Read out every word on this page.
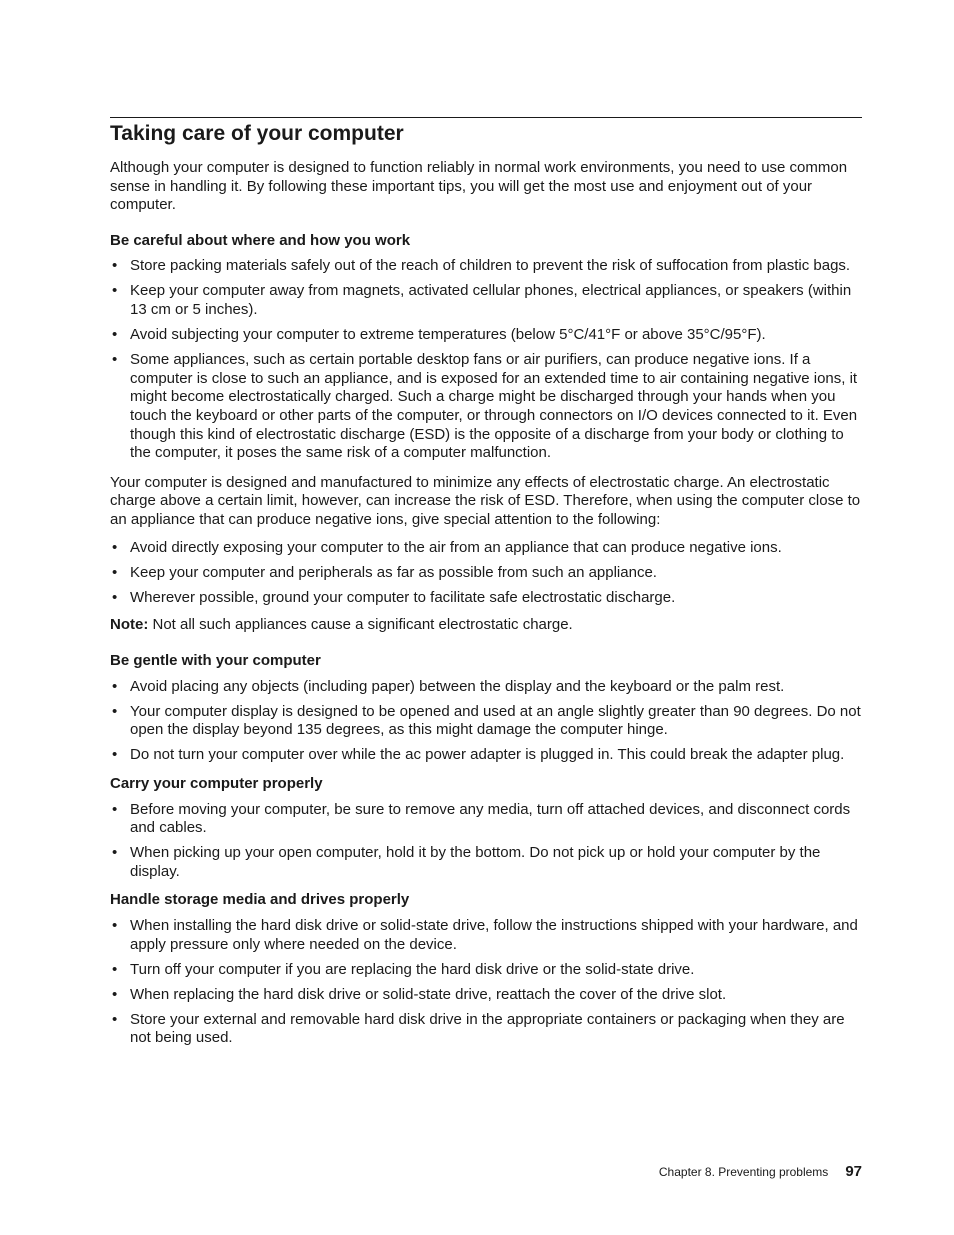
Taking care of your computer

Although your computer is designed to function reliably in normal work environments, you need to use common sense in handling it. By following these important tips, you will get the most use and enjoyment out of your computer.

Be careful about where and how you work
• Store packing materials safely out of the reach of children to prevent the risk of suffocation from plastic bags.
• Keep your computer away from magnets, activated cellular phones, electrical appliances, or speakers (within 13 cm or 5 inches).
• Avoid subjecting your computer to extreme temperatures (below 5°C/41°F or above 35°C/95°F).
• Some appliances, such as certain portable desktop fans or air purifiers, can produce negative ions. If a computer is close to such an appliance, and is exposed for an extended time to air containing negative ions, it might become electrostatically charged. Such a charge might be discharged through your hands when you touch the keyboard or other parts of the computer, or through connectors on I/O devices connected to it. Even though this kind of electrostatic discharge (ESD) is the opposite of a discharge from your body or clothing to the computer, it poses the same risk of a computer malfunction.

Your computer is designed and manufactured to minimize any effects of electrostatic charge. An electrostatic charge above a certain limit, however, can increase the risk of ESD. Therefore, when using the computer close to an appliance that can produce negative ions, give special attention to the following:

• Avoid directly exposing your computer to the air from an appliance that can produce negative ions.
• Keep your computer and peripherals as far as possible from such an appliance.
• Wherever possible, ground your computer to facilitate safe electrostatic discharge.

Note: Not all such appliances cause a significant electrostatic charge.

Be gentle with your computer
• Avoid placing any objects (including paper) between the display and the keyboard or the palm rest.
• Your computer display is designed to be opened and used at an angle slightly greater than 90 degrees. Do not open the display beyond 135 degrees, as this might damage the computer hinge.
• Do not turn your computer over while the ac power adapter is plugged in. This could break the adapter plug.
Carry your computer properly
• Before moving your computer, be sure to remove any media, turn off attached devices, and disconnect cords and cables.
• When picking up your open computer, hold it by the bottom. Do not pick up or hold your computer by the display.
Handle storage media and drives properly
• When installing the hard disk drive or solid-state drive, follow the instructions shipped with your hardware, and apply pressure only where needed on the device.
• Turn off your computer if you are replacing the hard disk drive or the solid-state drive.
• When replacing the hard disk drive or solid-state drive, reattach the cover of the drive slot.
• Store your external and removable hard disk drive in the appropriate containers or packaging when they are not being used.
Chapter 8. Preventing problems 97
